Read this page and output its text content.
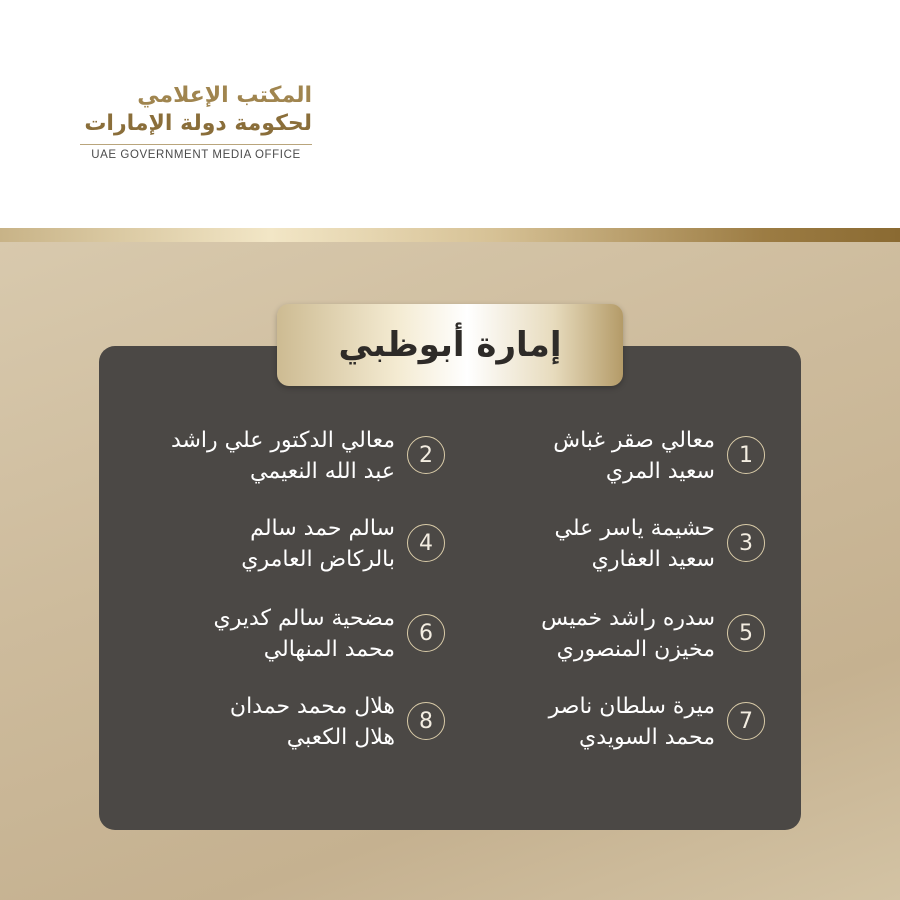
المكتب الإعلامي
لحكومة دولة الإمارات
UAE GOVERNMENT MEDIA OFFICE
إمارة أبوظبي
1
معالي صقر غباش
سعيد المري
2
معالي الدكتور علي راشد
عبد الله النعيمي
3
حشيمة ياسر علي
سعيد العفاري
4
سالم حمد سالم
بالركاض العامري
5
سدره راشد خميس
مخيزن المنصوري
6
مضحية سالم كديري
محمد المنهالي
7
ميرة سلطان ناصر
محمد السويدي
8
هلال محمد حمدان
هلال الكعبي
